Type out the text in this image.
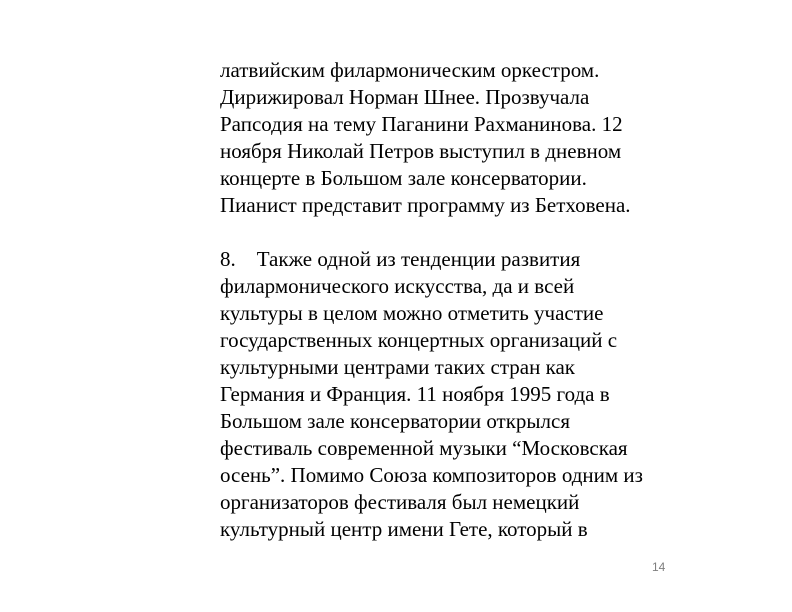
латвийским филармоническим оркестром.
Дирижировал Норман Шнее. Прозвучала
Рапсодия на тему Паганини Рахманинова. 12
ноября Николай Петров выступил в дневном
концерте в Большом зале консерватории.
Пианист представит программу из Бетховена.
8.    Также одной из тенденции развития
филармонического искусства, да и всей
культуры в целом можно отметить участие
государственных концертных организаций с
культурными центрами таких стран как
Германия и Франция. 11 ноября 1995 года в
Большом зале консерватории открылся
фестиваль современной музыки “Московская
осень”. Помимо Союза композиторов одним из
организаторов фестиваля был немецкий
культурный центр имени Гете, который в
14
